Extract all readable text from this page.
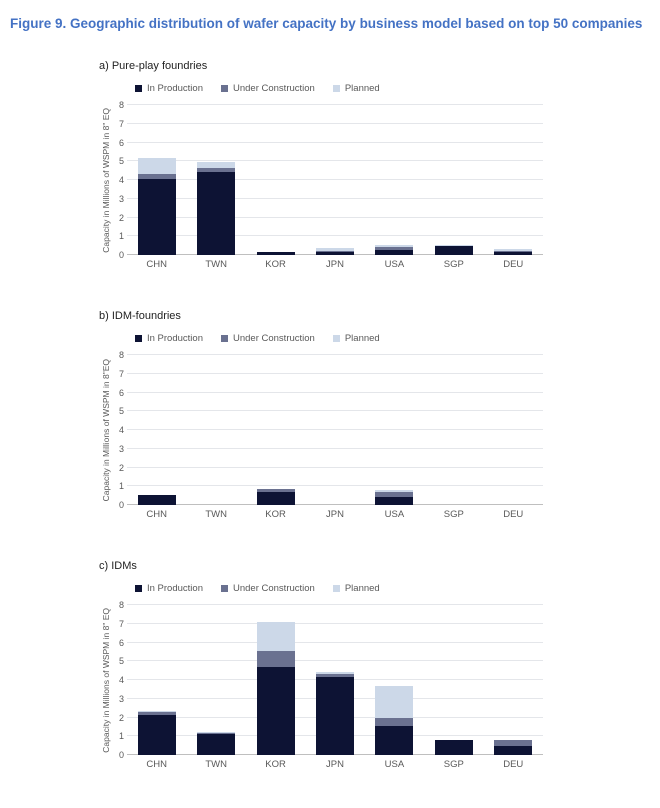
Figure 9. Geographic distribution of wafer capacity by business model based on top 50 companies
a) Pure-play foundries
In Production	Under Construction	Planned
Capacity in Millions of WSPM in 8" EQ
0
1
2
3
4
5
6
7
8
CHN	TWN	KOR	JPN	USA	SGP	DEU
b) IDM-foundries
In Production	Under Construction	Planned
Capacity in Millions of WSPM in 8"EQ
0
1
2
3
4
5
6
7
8
CHN	TWN	KOR	JPN	USA	SGP	DEU
c) IDMs
In Production	Under Construction	Planned
Capacity in Millions of WSPM in 8" EQ
0
1
2
3
4
5
6
7
8
CHN	TWN	KOR	JPN	USA	SGP	DEU
